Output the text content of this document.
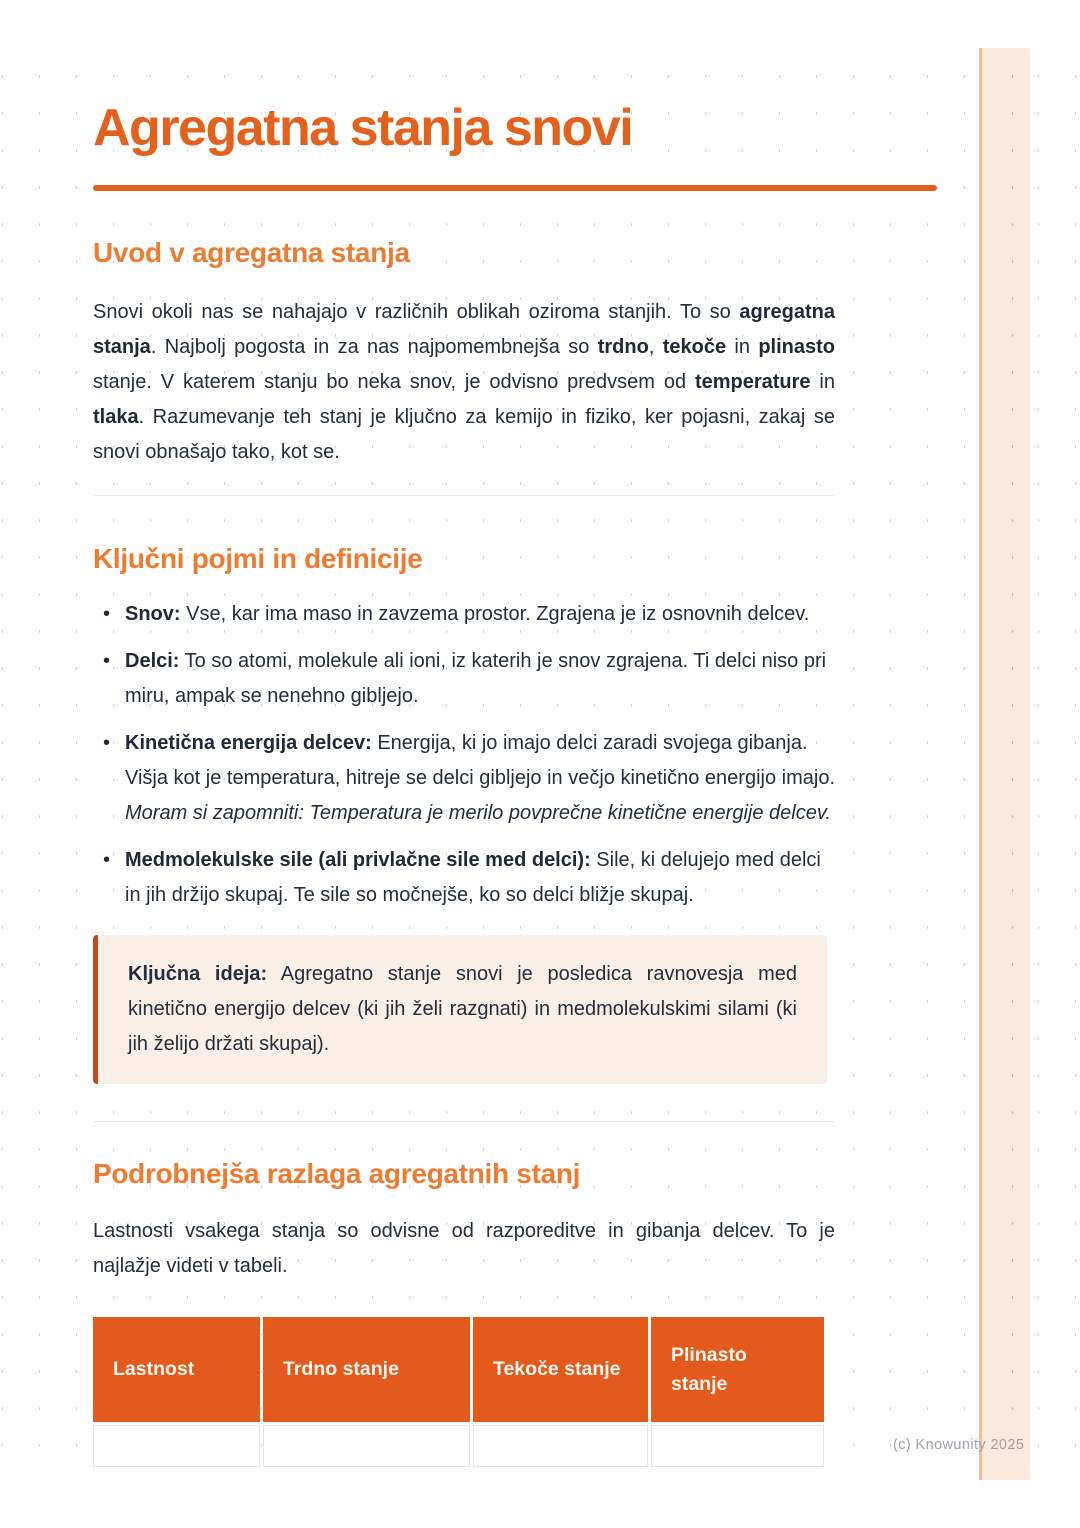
Agregatna stanja snovi
Uvod v agregatna stanja

Snovi okoli nas se nahajajo v različnih oblikah oziroma stanjih. To so agregatna stanja. Najbolj pogosta in za nas najpomembnejša so trdno, tekoče in plinasto stanje. V katerem stanju bo neka snov, je odvisno predvsem od temperature in tlaka. Razumevanje teh stanj je ključno za kemijo in fiziko, ker pojasni, zakaj se snovi obnašajo tako, kot se.

Ključni pojmi in definicije
• Snov: Vse, kar ima maso in zavzema prostor. Zgrajena je iz osnovnih delcev.
• Delci: To so atomi, molekule ali ioni, iz katerih je snov zgrajena. Ti delci niso pri miru, ampak se nenehno gibljejo.
• Kinetična energija delcev: Energija, ki jo imajo delci zaradi svojega gibanja. Višja kot je temperatura, hitreje se delci gibljejo in večjo kinetično energijo imajo. Moram si zapomniti: Temperatura je merilo povprečne kinetične energije delcev.
• Medmolekulske sile (ali privlačne sile med delci): Sile, ki delujejo med delci in jih držijo skupaj. Te sile so močnejše, ko so delci bližje skupaj.
Ključna ideja: Agregatno stanje snovi je posledica ravnovesja med kinetično energijo delcev (ki jih želi razgnati) in medmolekulskimi silami (ki jih želijo držati skupaj).
Podrobnejša razlaga agregatnih stanj

Lastnosti vsakega stanja so odvisne od razporeditve in gibanja delcev. To je najlažje videti v tabeli.

Lastnost	Trdno stanje	Tekoče stanje	Plinasto stanje

(c) Knowunity 2025
